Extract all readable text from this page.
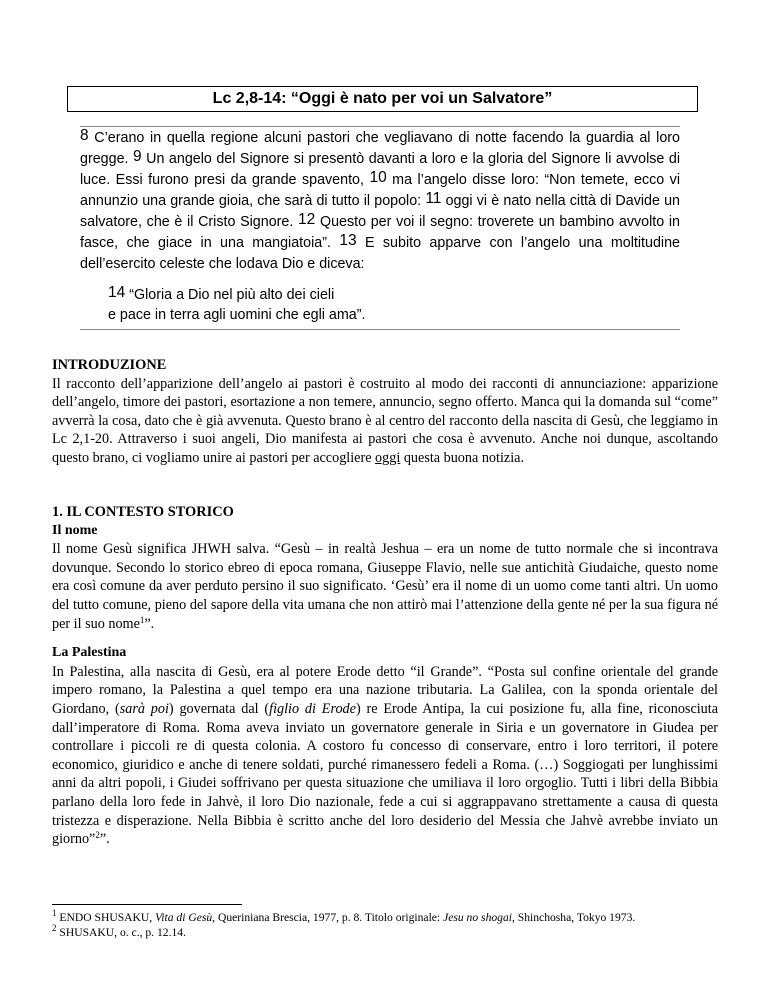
Lc 2,8-14: “Oggi è nato per voi un Salvatore”

8 C’erano in quella regione alcuni pastori che vegliavano di notte facendo la guardia al loro gregge. 9 Un angelo del Signore si presentò davanti a loro e la gloria del Signore li avvolse di luce. Essi furono presi da grande spavento, 10 ma l’angelo disse loro: “Non temete, ecco vi annunzio una grande gioia, che sarà di tutto il popolo: 11 oggi vi è nato nella città di Davide un salvatore, che è il Cristo Signore. 12 Questo per voi il segno: troverete un bambino avvolto in fasce, che giace in una mangiatoia”. 13 E subito apparve con l’angelo una moltitudine dell’esercito celeste che lodava Dio e diceva:

14 “Gloria a Dio nel più alto dei cieli
e pace in terra agli uomini che egli ama”.

INTRODUZIONE

Il racconto dell’apparizione dell’angelo ai pastori è costruito al modo dei racconti di annunciazione: apparizione dell’angelo, timore dei pastori, esortazione a non temere, annuncio, segno offerto. Manca qui la domanda sul “come” avverrà la cosa, dato che è già avvenuta. Questo brano è al centro del racconto della nascita di Gesù, che leggiamo in Lc 2,1-20. Attraverso i suoi angeli, Dio manifesta ai pastori che cosa è avvenuto. Anche noi dunque, ascoltando questo brano, ci vogliamo unire ai pastori per accogliere oggi questa buona notizia.

1. IL CONTESTO STORICO

Il nome

Il nome Gesù significa JHWH salva. “Gesù – in realtà Jeshua – era un nome de tutto normale che si incontrava dovunque. Secondo lo storico ebreo di epoca romana, Giuseppe Flavio, nelle sue antichità Giudaiche, questo nome era così comune da aver perduto persino il suo significato. ‘Gesù’ era il nome di un uomo come tanti altri. Un uomo del tutto comune, pieno del sapore della vita umana che non attirò mai l’attenzione della gente né per la sua figura né per il suo nome$^1$”.

La Palestina

In Palestina, alla nascita di Gesù, era al potere Erode detto “il Grande”. “Posta sul confine orientale del grande impero romano, la Palestina a quel tempo era una nazione tributaria. La Galilea, con la sponda orientale del Giordano, (sarà poi) governata dal (figlio di Erode) re Erode Antipa, la cui posizione fu, alla fine, riconosciuta dall’imperatore di Roma. Roma aveva inviato un governatore generale in Siria e un governatore in Giudea per controllare i piccoli re di questa colonia. A costoro fu concesso di conservare, entro i loro territori, il potere economico, giuridico e anche di tenere soldati, purché rimanessero fedeli a Roma. (…) Soggiogati per lunghissimi anni da altri popoli, i Giudei soffrivano per questa situazione che umiliava il loro orgoglio. Tutti i libri della Bibbia parlano della loro fede in Jahvè, il loro Dio nazionale, fede a cui si aggrappavano strettamente a causa di questa tristezza e disperazione. Nella Bibbia è scritto anche del loro desiderio del Messia che Jahvè avrebbe inviato un giorno”$^2$”.

$^1$ ENDO SHUSAKU, Vita di Gesù, Queriniana Brescia, 1977, p. 8. Titolo originale: Jesu no shogai, Shinchosha, Tokyo 1973.

$^2$ SHUSAKU, o. c., p. 12.14.
